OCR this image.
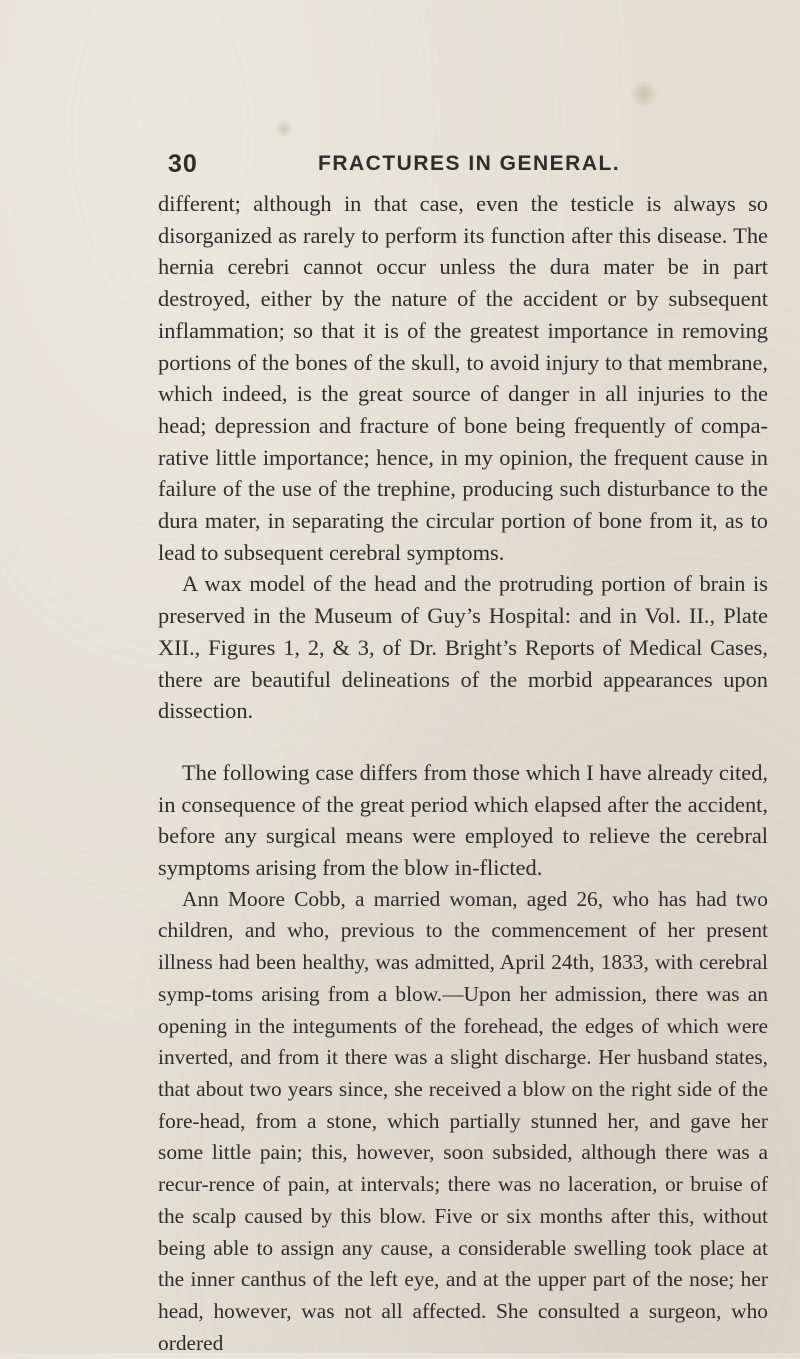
30	FRACTURES IN GENERAL.

different; although in that case, even the testicle is always so disorganized as rarely to perform its function after this disease. The hernia cerebri cannot occur unless the dura mater be in part destroyed, either by the nature of the accident or by subsequent inflammation; so that it is of the greatest importance in removing portions of the bones of the skull, to avoid injury to that membrane, which indeed, is the great source of danger in all injuries to the head; depression and fracture of bone being frequently of compa-rative little importance; hence, in my opinion, the frequent cause in failure of the use of the trephine, producing such disturbance to the dura mater, in separating the circular portion of bone from it, as to lead to subsequent cerebral symptoms.

A wax model of the head and the protruding portion of brain is preserved in the Museum of Guy’s Hospital: and in Vol. II., Plate XII., Figures 1, 2, & 3, of Dr. Bright’s Reports of Medical Cases, there are beautiful delineations of the morbid appearances upon dissection.

The following case differs from those which I have already cited, in consequence of the great period which elapsed after the accident, before any surgical means were employed to relieve the cerebral symptoms arising from the blow in-flicted.

Ann Moore Cobb, a married woman, aged 26, who has had two children, and who, previous to the commencement of her present illness had been healthy, was admitted, April 24th, 1833, with cerebral symp-toms arising from a blow.—Upon her admission, there was an opening in the integuments of the forehead, the edges of which were inverted, and from it there was a slight discharge. Her husband states, that about two years since, she received a blow on the right side of the fore-head, from a stone, which partially stunned her, and gave her some little pain; this, however, soon subsided, although there was a recur-rence of pain, at intervals; there was no laceration, or bruise of the scalp caused by this blow. Five or six months after this, without being able to assign any cause, a considerable swelling took place at the inner canthus of the left eye, and at the upper part of the nose; her head, however, was not all affected. She consulted a surgeon, who ordered
